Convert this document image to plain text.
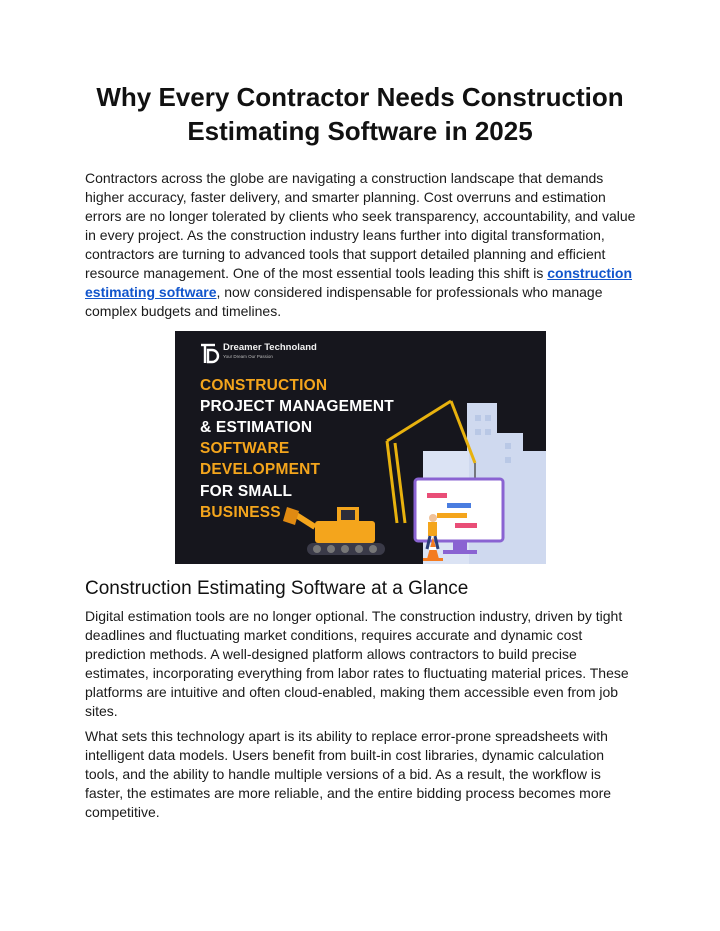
Why Every Contractor Needs Construction Estimating Software in 2025

Contractors across the globe are navigating a construction landscape that demands higher accuracy, faster delivery, and smarter planning. Cost overruns and estimation errors are no longer tolerated by clients who seek transparency, accountability, and value in every project. As the construction industry leans further into digital transformation, contractors are turning to advanced tools that support detailed planning and efficient resource management. One of the most essential tools leading this shift is construction estimating software, now considered indispensable for professionals who manage complex budgets and timelines.

Dreamer Technoland
Your Dream Our Passion
CONSTRUCTION
PROJECT MANAGEMENT
& ESTIMATION
SOFTWARE
DEVELOPMENT
FOR SMALL
BUSINESS
Construction Estimating Software at a Glance

Digital estimation tools are no longer optional. The construction industry, driven by tight deadlines and fluctuating market conditions, requires accurate and dynamic cost prediction methods. A well-designed platform allows contractors to build precise estimates, incorporating everything from labor rates to fluctuating material prices. These platforms are intuitive and often cloud-enabled, making them accessible even from job sites.

What sets this technology apart is its ability to replace error-prone spreadsheets with intelligent data models. Users benefit from built-in cost libraries, dynamic calculation tools, and the ability to handle multiple versions of a bid. As a result, the workflow is faster, the estimates are more reliable, and the entire bidding process becomes more competitive.
